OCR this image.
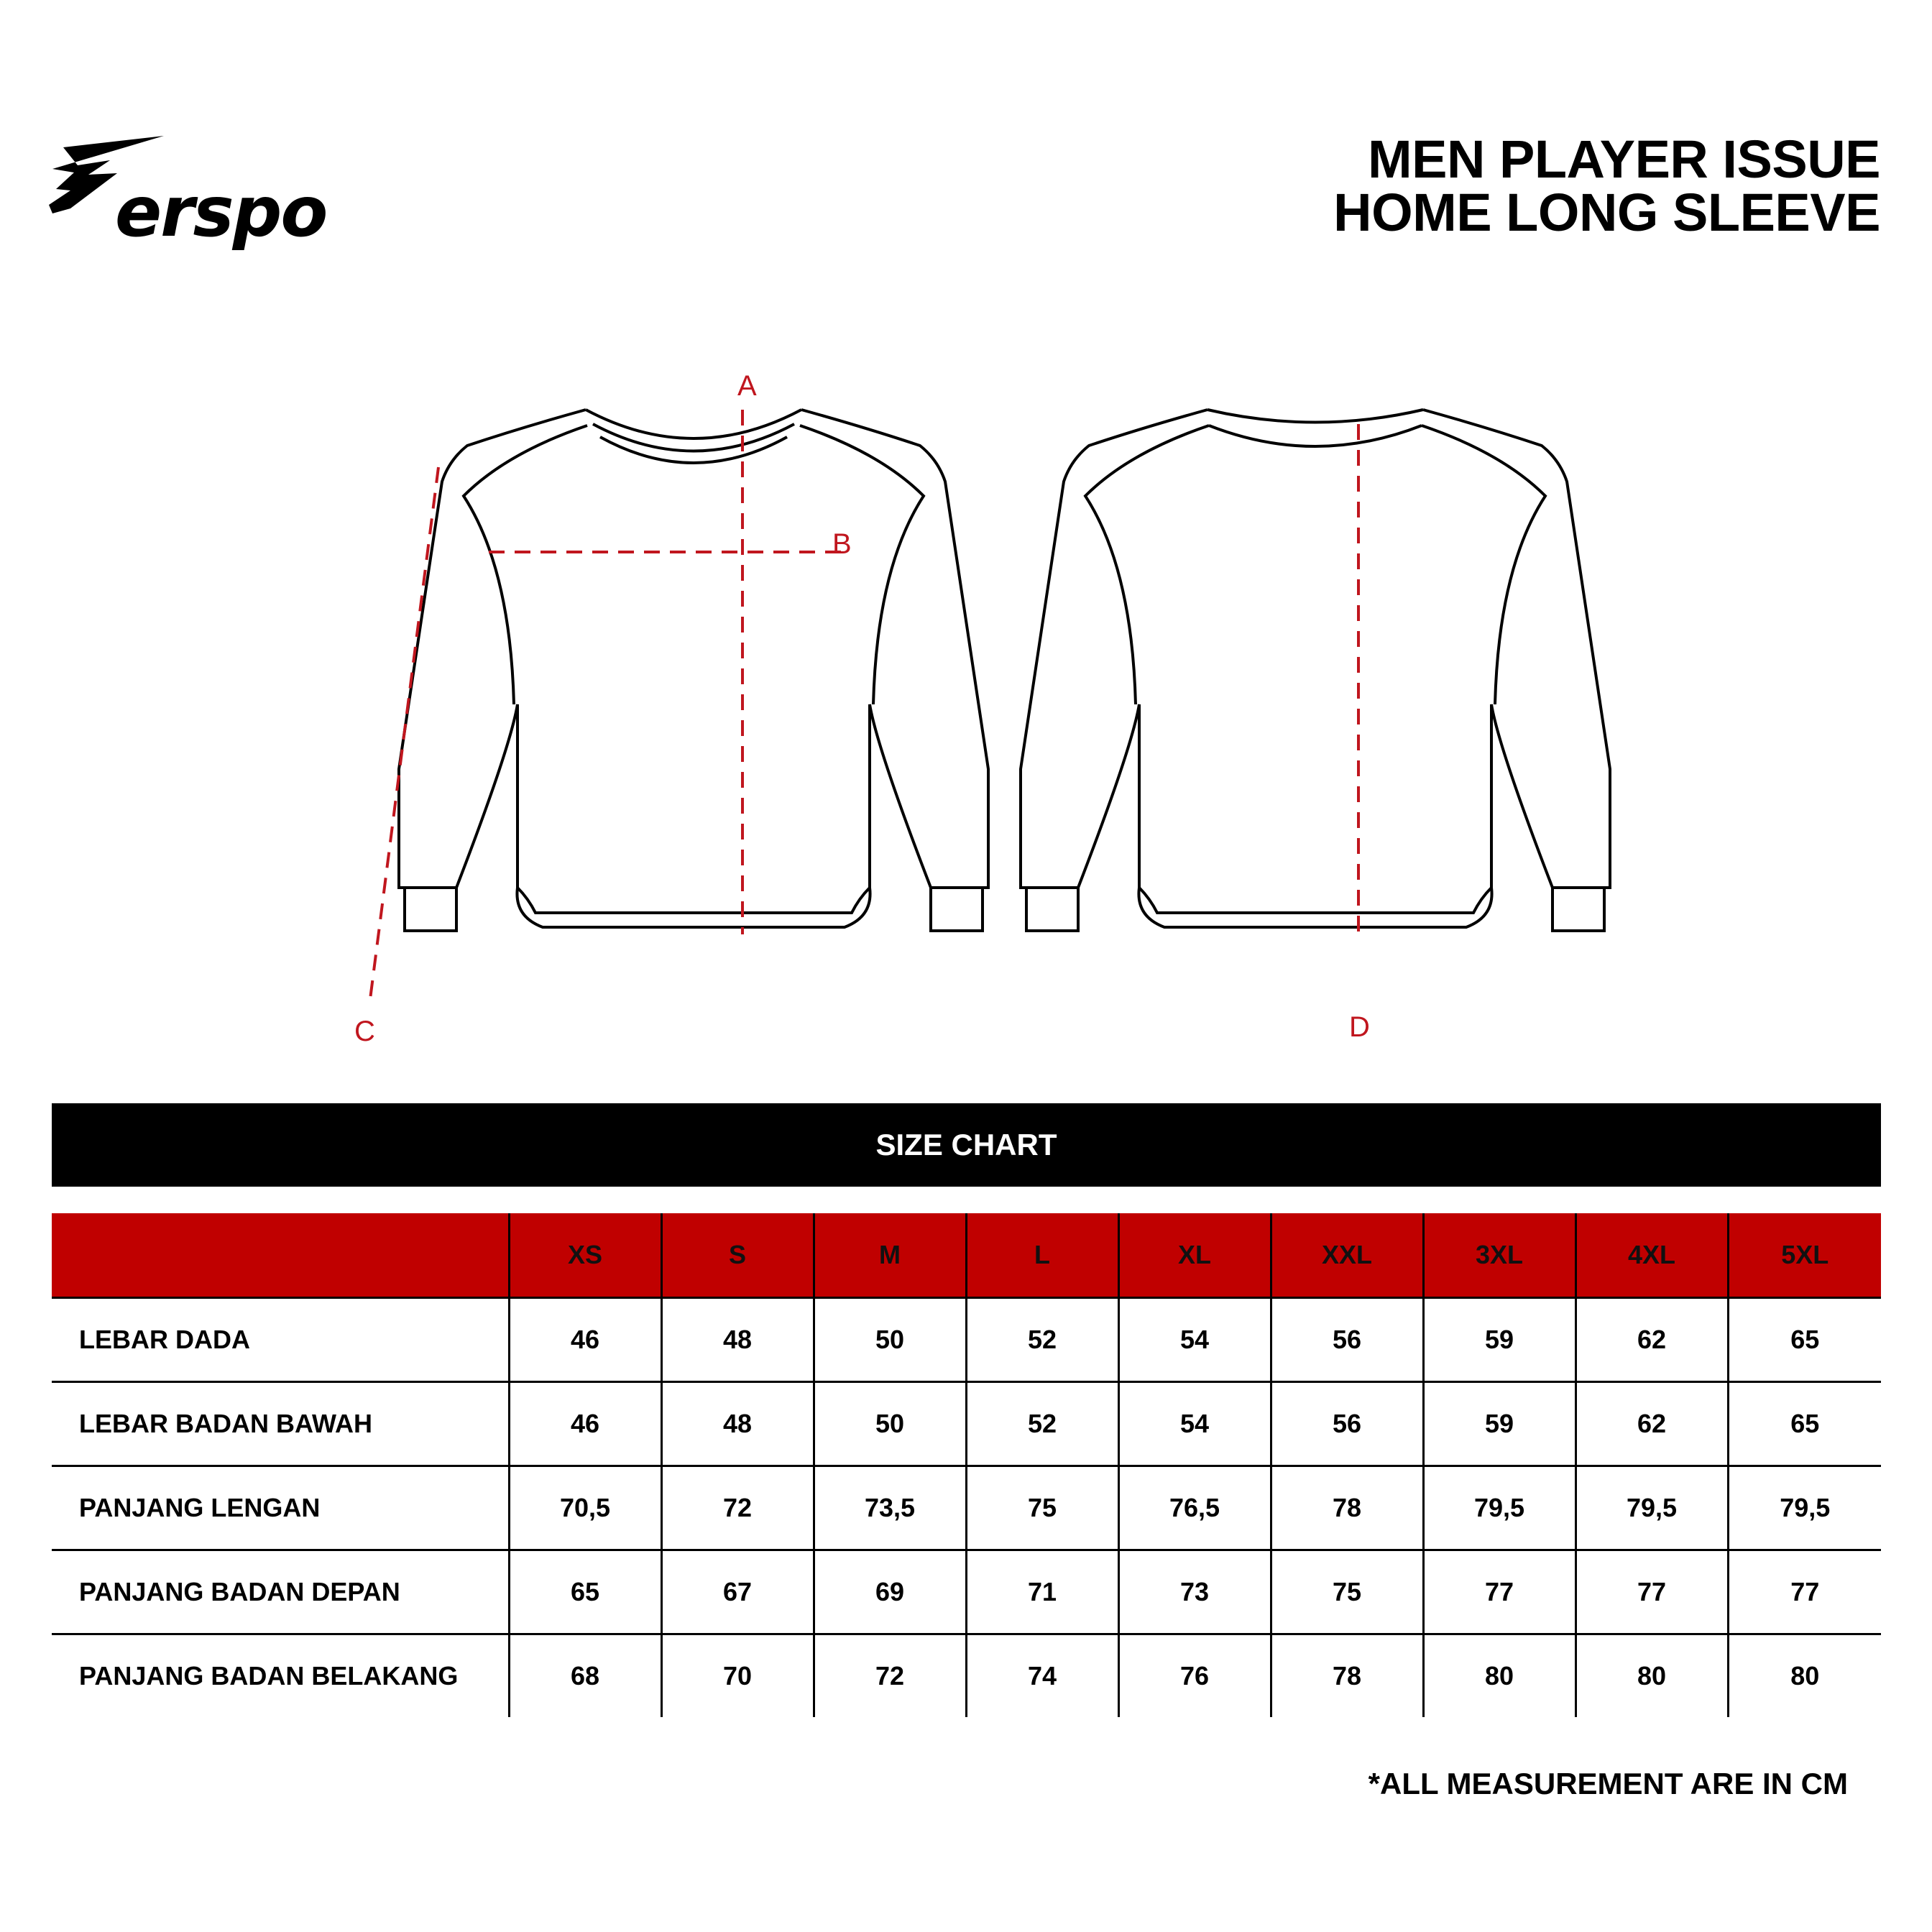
erspo

MEN PLAYER ISSUE
HOME LONG SLEEVE
A
B
C	D
SIZE CHART
	XS	S	M	L	XL	XXL	3XL	4XL	5XL
LEBAR DADA	46	48	50	52	54	56	59	62	65
LEBAR BADAN BAWAH	46	48	50	52	54	56	59	62	65
PANJANG LENGAN	70,5	72	73,5	75	76,5	78	79,5	79,5	79,5
PANJANG BADAN DEPAN	65	67	69	71	73	75	77	77	77
PANJANG BADAN BELAKANG	68	70	72	74	76	78	80	80	80

*ALL MEASUREMENT ARE IN CM
